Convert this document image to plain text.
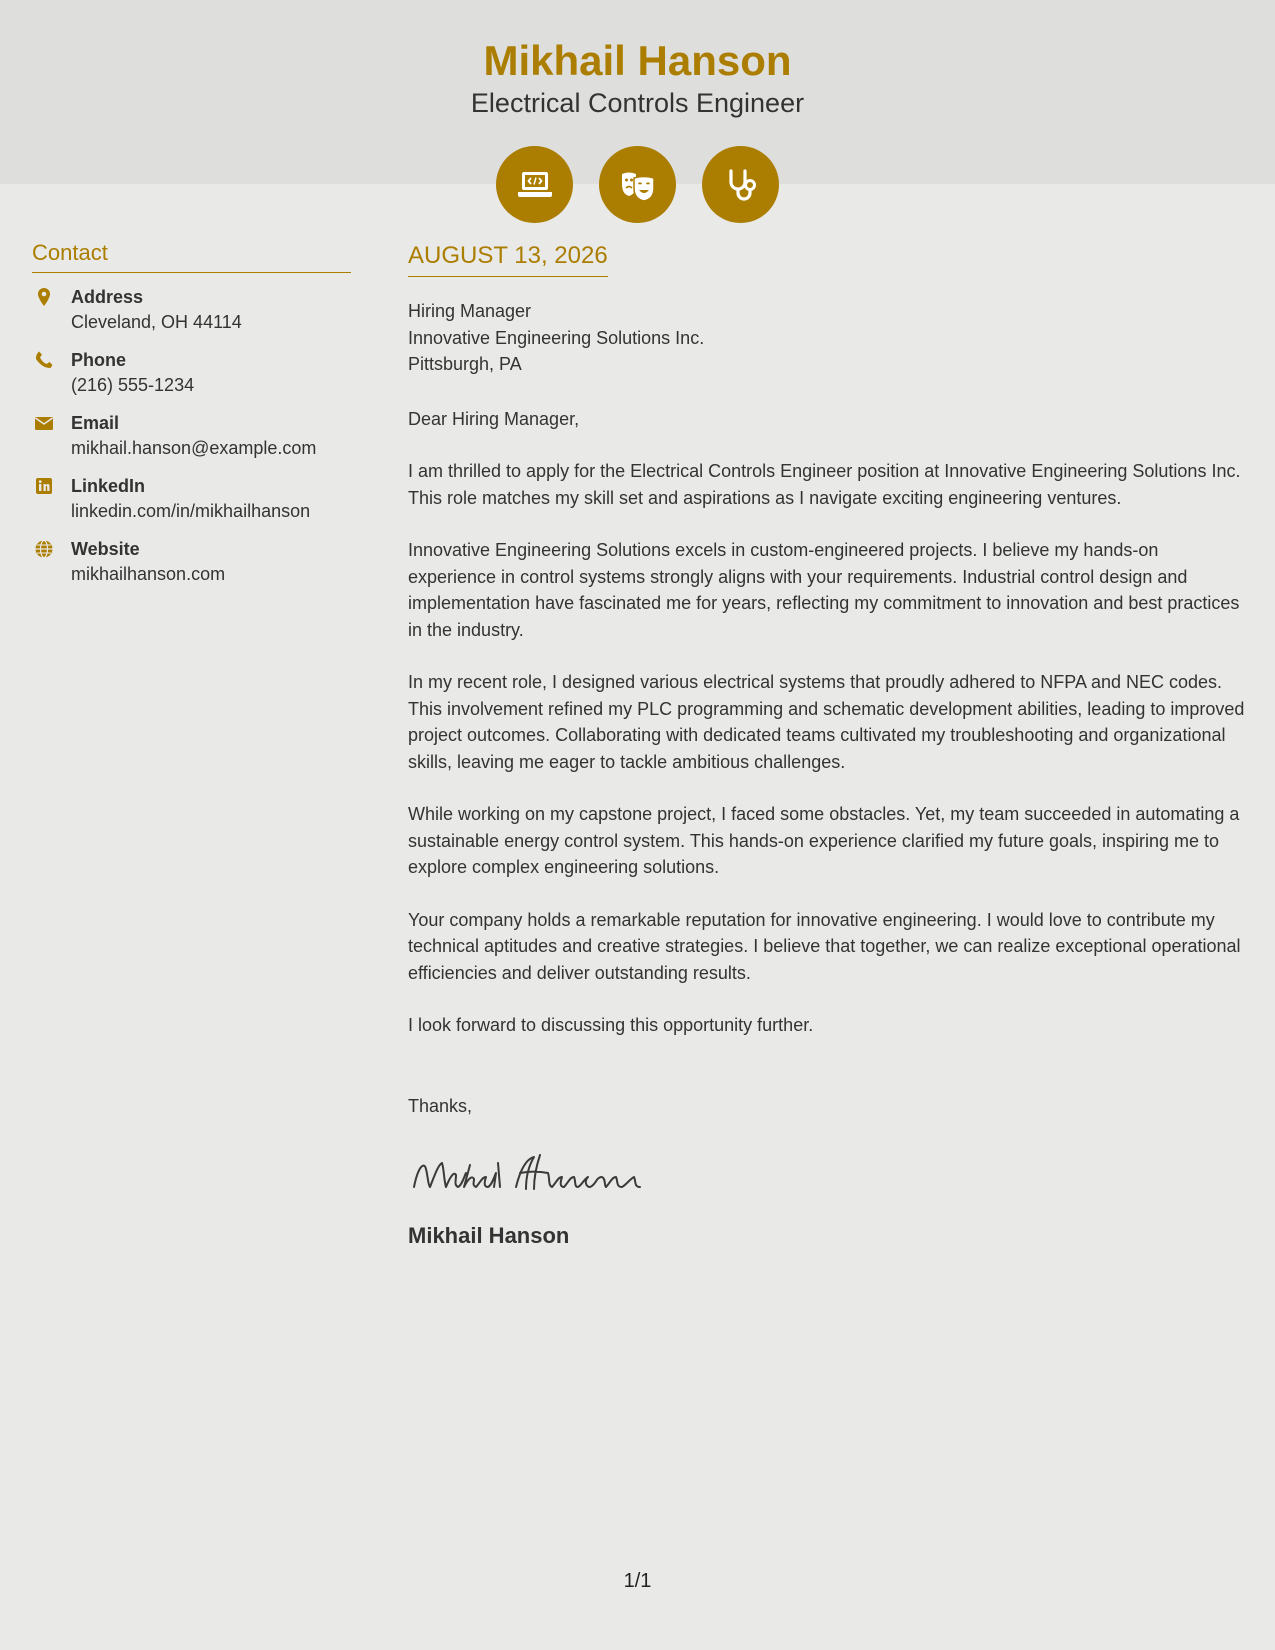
Mikhail Hanson
Electrical Controls Engineer
Contact
Address
Cleveland, OH 44114
Phone
(216) 555-1234
Email
mikhail.hanson@example.com
LinkedIn
linkedin.com/in/mikhailhanson
Website
mikhailhanson.com
AUGUST 13, 2026
Hiring Manager
Innovative Engineering Solutions Inc.
Pittsburgh, PA
Dear Hiring Manager,

I am thrilled to apply for the Electrical Controls Engineer position at Innovative Engineering Solutions Inc. This role matches my skill set and aspirations as I navigate exciting engineering ventures.

Innovative Engineering Solutions excels in custom-engineered projects. I believe my hands-on experience in control systems strongly aligns with your requirements. Industrial control design and implementation have fascinated me for years, reflecting my commitment to innovation and best practices in the industry.

In my recent role, I designed various electrical systems that proudly adhered to NFPA and NEC codes. This involvement refined my PLC programming and schematic development abilities, leading to improved project outcomes. Collaborating with dedicated teams cultivated my troubleshooting and organizational skills, leaving me eager to tackle ambitious challenges.

While working on my capstone project, I faced some obstacles. Yet, my team succeeded in automating a sustainable energy control system. This hands-on experience clarified my future goals, inspiring me to explore complex engineering solutions.

Your company holds a remarkable reputation for innovative engineering. I would love to contribute my technical aptitudes and creative strategies. I believe that together, we can realize exceptional operational efficiencies and deliver outstanding results.

I look forward to discussing this opportunity further.

Thanks,
Mikhail Hanson
1/1
